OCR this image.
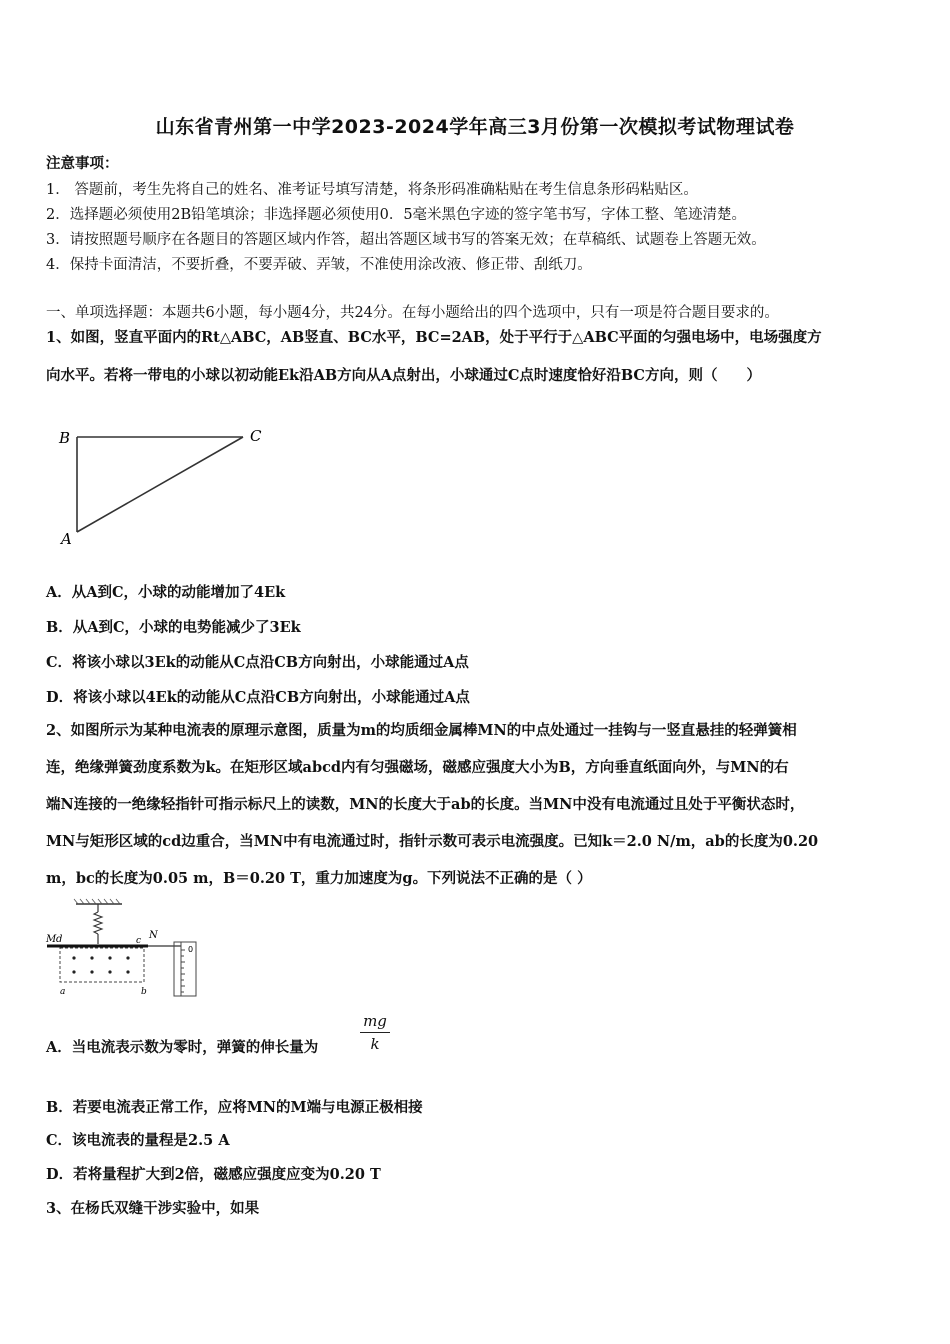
山东省青州第一中学2023-2024学年高三3月份第一次模拟考试物理试卷
注意事项：
1． 答题前，考生先将自己的姓名、准考证号填写清楚，将条形码准确粘贴在考生信息条形码粘贴区。
2．选择题必须使用2B铅笔填涂；非选择题必须使用0．5毫米黑色字迹的签字笔书写，字体工整、笔迹清楚。
3．请按照题号顺序在各题目的答题区域内作答，超出答题区域书写的答案无效；在草稿纸、试题卷上答题无效。
4．保持卡面清洁，不要折叠，不要弄破、弄皱，不准使用涂改液、修正带、刮纸刀。
一、单项选择题：本题共6小题，每小题4分，共24分。在每小题给出的四个选项中，只有一项是符合题目要求的。
1、如图，竖直平面内的Rt△ABC，AB竖直、BC水平，BC=2AB，处于平行于△ABC平面的匀强电场中，电场强度方
向水平。若将一带电的小球以初动能Ek沿AB方向从A点射出，小球通过C点时速度恰好沿BC方向，则（　　）
B	C
A
A．从A到C，小球的动能增加了4Ek
B．从A到C，小球的电势能减少了3Ek
C．将该小球以3Ek的动能从C点沿CB方向射出，小球能通过A点
D．将该小球以4Ek的动能从C点沿CB方向射出，小球能通过A点
2、如图所示为某种电流表的原理示意图，质量为m的均质细金属棒MN的中点处通过一挂钩与一竖直悬挂的轻弹簧相
连，绝缘弹簧劲度系数为k。在矩形区域abcd内有匀强磁场，磁感应强度大小为B，方向垂直纸面向外，与MN的右
端N连接的一绝缘轻指针可指示标尺上的读数，MN的长度大于ab的长度。当MN中没有电流通过且处于平衡状态时，
MN与矩形区域的cd边重合，当MN中有电流通过时，指针示数可表示电流强度。已知k＝2.0 N/m，ab的长度为0.20
m，bc的长度为0.05 m，B＝0.20 T，重力加速度为g。下列说法不正确的是（ ）
M d	c N
a	b
0
A．当电流表示数为零时，弹簧的伸长量为	$\frac{mg}{k}$
B．若要电流表正常工作，应将MN的M端与电源正极相接
C．该电流表的量程是2.5 A
D．若将量程扩大到2倍，磁感应强度应变为0.20 T
3、在杨氏双缝干涉实验中，如果
